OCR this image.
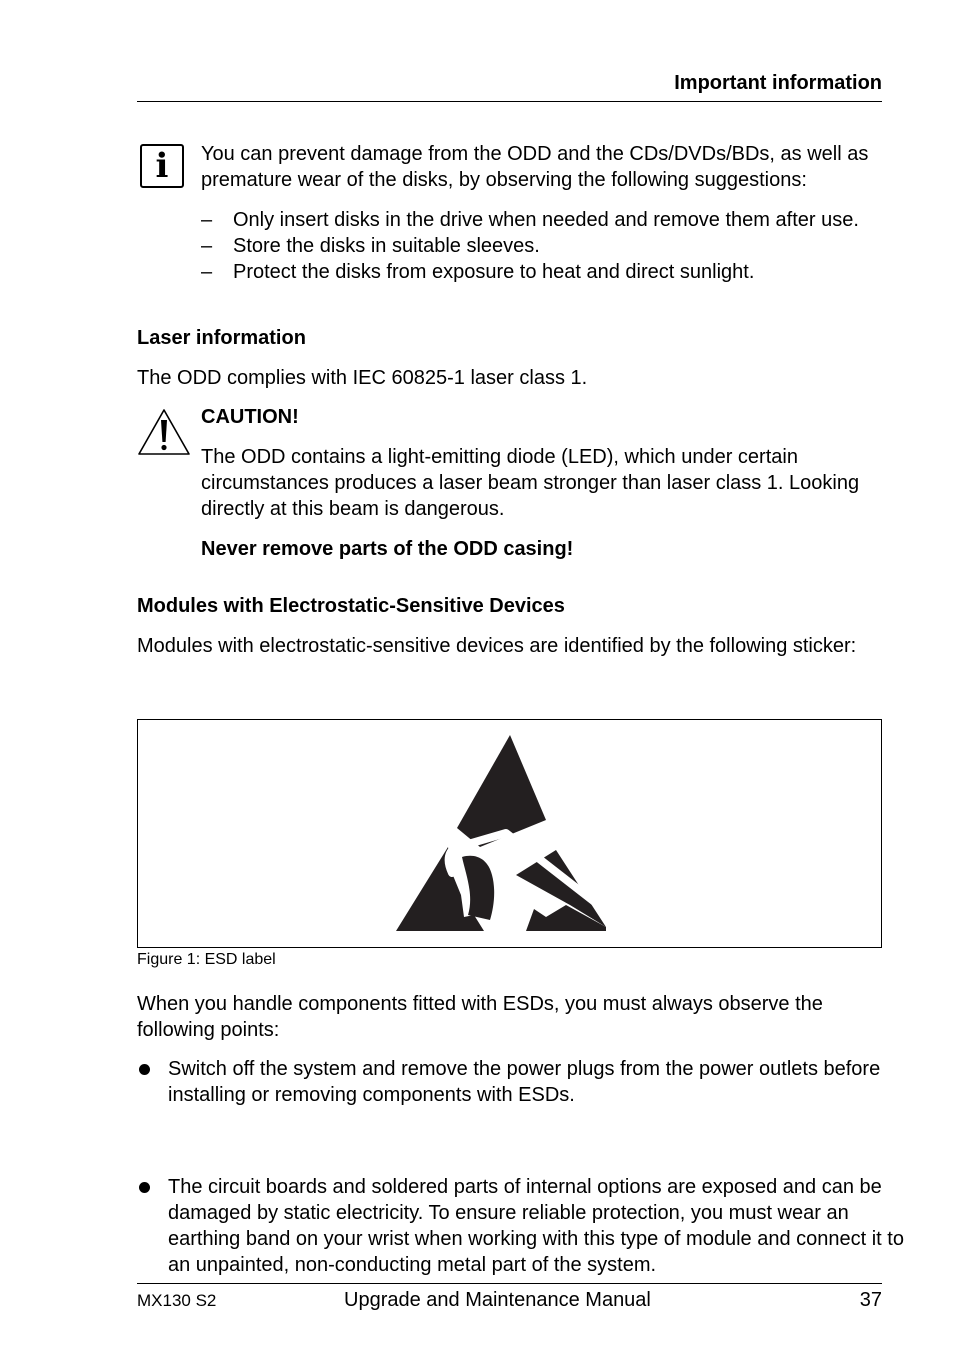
Important information
i You can prevent damage from the ODD and the CDs/DVDs/BDs, as well as premature wear of the disks, by observing the following suggestions:
– Only insert disks in the drive when needed and remove them after use.
– Store the disks in suitable sleeves.
– Protect the disks from exposure to heat and direct sunlight.
Laser information
The ODD complies with IEC 60825-1 laser class 1.
CAUTION!
The ODD contains a light-emitting diode (LED), which under certain circumstances produces a laser beam stronger than laser class 1. Looking directly at this beam is dangerous.
Never remove parts of the ODD casing!
Modules with Electrostatic-Sensitive Devices
Modules with electrostatic-sensitive devices are identified by the following sticker:
Figure 1: ESD label
When you handle components fitted with ESDs, you must always observe the following points:
Switch off the system and remove the power plugs from the power outlets before installing or removing components with ESDs.
The circuit boards and soldered parts of internal options are exposed and can be damaged by static electricity. To ensure reliable protection, you must wear an earthing band on your wrist when working with this type of module and connect it to an unpainted, non-conducting metal part of the system.
MX130 S2	Upgrade and Maintenance Manual	37
